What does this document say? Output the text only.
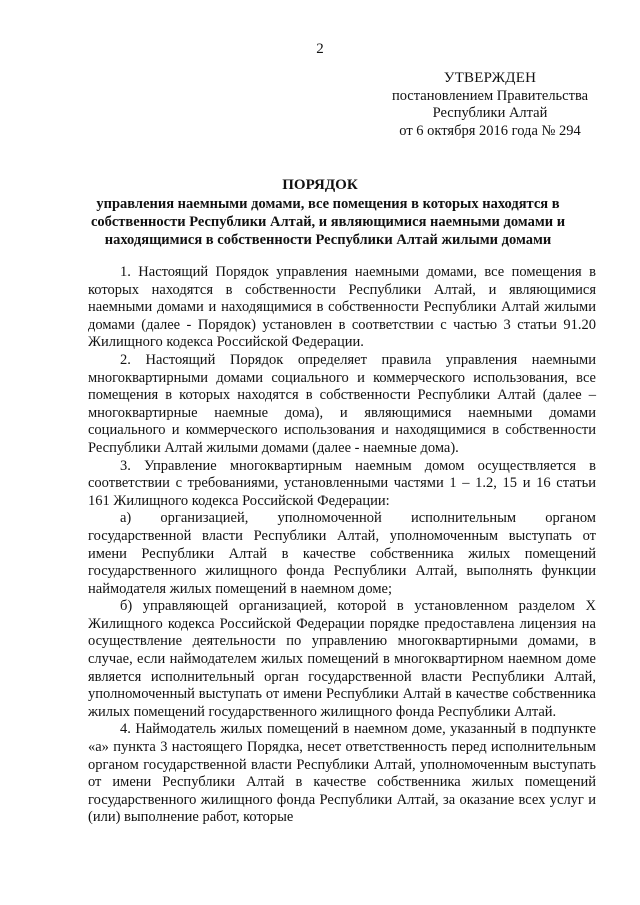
2
УТВЕРЖДЕН
постановлением Правительства
Республики Алтай
от 6 октября 2016 года № 294
ПОРЯДОК
управления наемными домами, все помещения в которых находятся в собственности Республики Алтай, и являющимися наемными домами и находящимися в собственности Республики Алтай жилыми домами

1. Настоящий Порядок управления наемными домами, все помещения в которых находятся в собственности Республики Алтай, и являющимися наемными домами и находящимися в собственности Республики Алтай жилыми домами (далее - Порядок) установлен в соответствии с частью 3 статьи 91.20 Жилищного кодекса Российской Федерации.

2. Настоящий Порядок определяет правила управления наемными многоквартирными домами социального и коммерческого использования, все помещения в которых находятся в собственности Республики Алтай (далее – многоквартирные наемные дома), и являющимися наемными домами социального и коммерческого использования и находящимися в собственности Республики Алтай жилыми домами (далее - наемные дома).

3. Управление многоквартирным наемным домом осуществляется в соответствии с требованиями, установленными частями 1 – 1.2, 15 и 16 статьи 161 Жилищного кодекса Российской Федерации:

а) организацией, уполномоченной исполнительным органом государственной власти Республики Алтай, уполномоченным выступать от имени Республики Алтай в качестве собственника жилых помещений государственного жилищного фонда Республики Алтай, выполнять функции наймодателя жилых помещений в наемном доме;

б) управляющей организацией, которой в установленном разделом X Жилищного кодекса Российской Федерации порядке предоставлена лицензия на осуществление деятельности по управлению многоквартирными домами, в случае, если наймодателем жилых помещений в многоквартирном наемном доме является исполнительный орган государственной власти Республики Алтай, уполномоченный выступать от имени Республики Алтай в качестве собственника жилых помещений государственного жилищного фонда Республики Алтай.

4. Наймодатель жилых помещений в наемном доме, указанный в подпункте «а» пункта 3 настоящего Порядка, несет ответственность перед исполнительным органом государственной власти Республики Алтай, уполномоченным выступать от имени Республики Алтай в качестве собственника жилых помещений государственного жилищного фонда Республики Алтай, за оказание всех услуг и (или) выполнение работ, которые
